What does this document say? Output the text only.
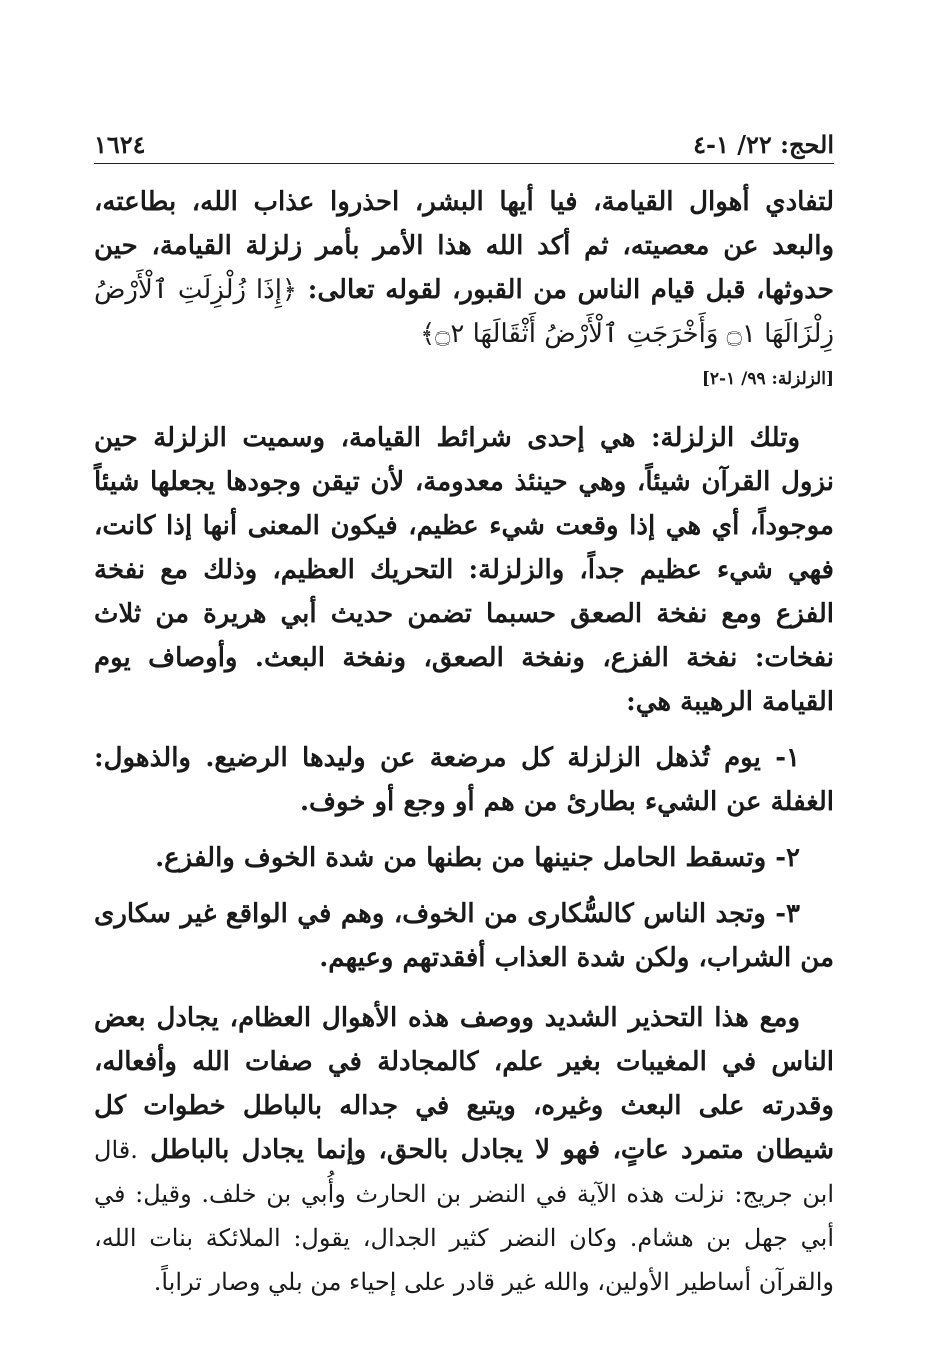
١٦٢٤	الحج: ٢٢/ ١-٤

لتفادي أهوال القيامة، فيا أيها البشر، احذروا عذاب الله، بطاعته، والبعد عن معصيته، ثم أكد الله هذا الأمر بأمر زلزلة القيامة، حين حدوثها، قبل قيام الناس من القبور، لقوله تعالى: ﴿إِذَا زُلْزِلَتِ ٱلْأَرْضُ زِلْزَالَهَا ۝١ وَأَخْرَجَتِ ٱلْأَرْضُ أَثْقَالَهَا ۝٢﴾

[الزلزلة: ٩٩/ ١-٢]

وتلك الزلزلة: هي إحدى شرائط القيامة، وسميت الزلزلة حين نزول القرآن شيئاً، وهي حينئذ معدومة، لأن تيقن وجودها يجعلها شيئاً موجوداً، أي هي إذا وقعت شيء عظيم، فيكون المعنى أنها إذا كانت، فهي شيء عظيم جداً، والزلزلة: التحريك العظيم، وذلك مع نفخة الفزع ومع نفخة الصعق حسبما تضمن حديث أبي هريرة من ثلاث نفخات: نفخة الفزع، ونفخة الصعق، ونفخة البعث. وأوصاف يوم القيامة الرهيبة هي:

١- يوم تُذهل الزلزلة كل مرضعة عن وليدها الرضيع. والذهول: الغفلة عن الشيء بطارئ من هم أو وجع أو خوف.

٢- وتسقط الحامل جنينها من بطنها من شدة الخوف والفزع.

٣- وتجد الناس كالسُّكارى من الخوف، وهم في الواقع غير سكارى من الشراب، ولكن شدة العذاب أفقدتهم وعيهم.

ومع هذا التحذير الشديد ووصف هذه الأهوال العظام، يجادل بعض الناس في المغيبات بغير علم، كالمجادلة في صفات الله وأفعاله، وقدرته على البعث وغيره، ويتبع في جداله بالباطل خطوات كل شيطان متمرد عاتٍ، فهو لا يجادل بالحق، وإنما يجادل بالباطل .قال ابن جريج: نزلت هذه الآية في النضر بن الحارث وأُبي بن خلف. وقيل: في أبي جهل بن هشام. وكان النضر كثير الجدال، يقول: الملائكة بنات الله، والقرآن أساطير الأولين، والله غير قادر على إحياء من بلي وصار تراباً.
